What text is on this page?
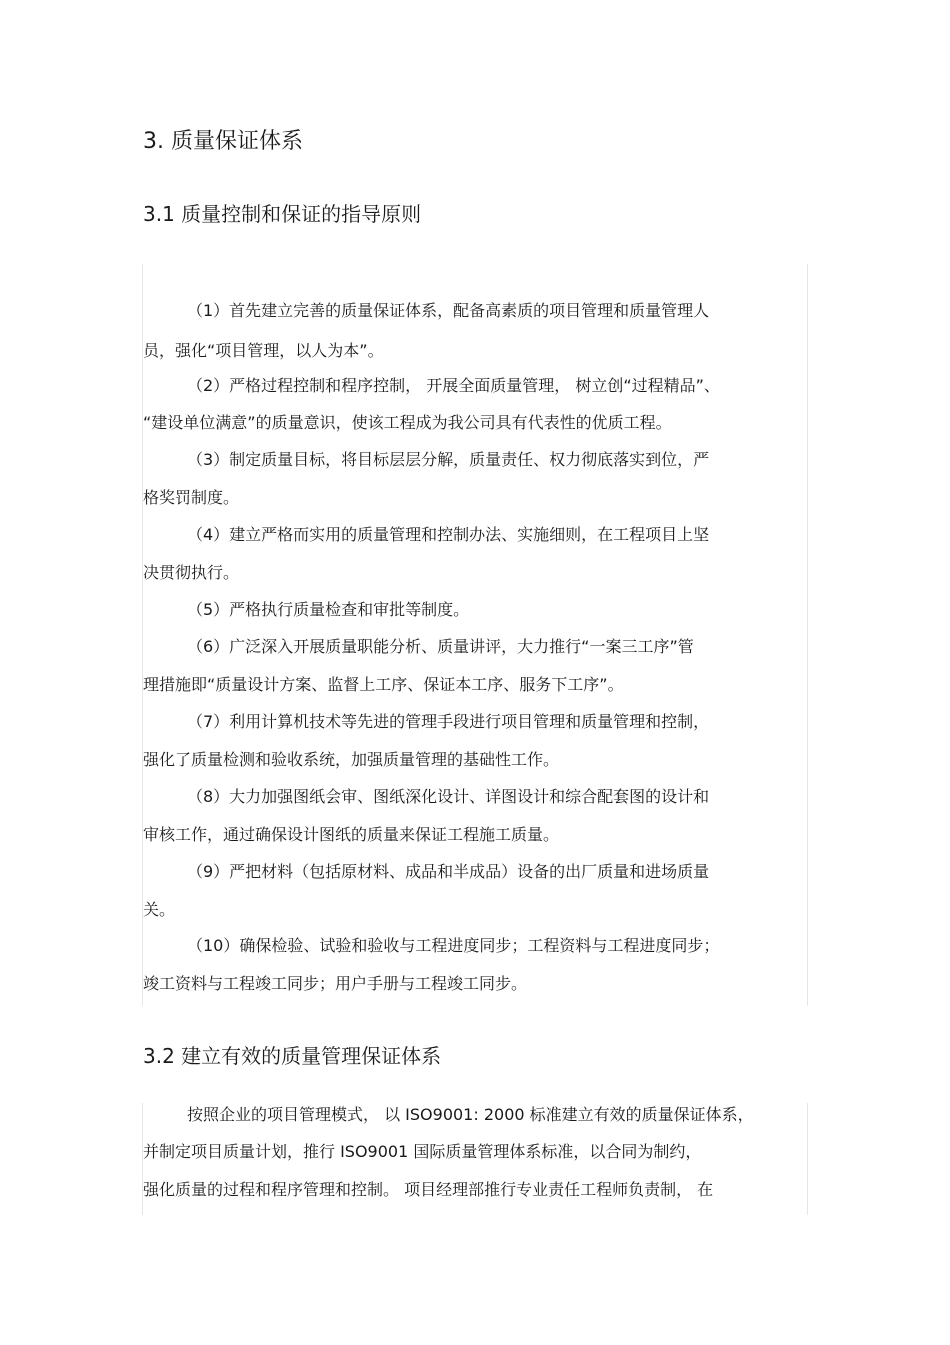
3. 质量保证体系
3.1 质量控制和保证的指导原则
（1）首先建立完善的质量保证体系，配备高素质的项目管理和质量管理人
员，强化“项目管理，以人为本”。
（2）严格过程控制和程序控制， 开展全面质量管理， 树立创“过程精品”、
“建设单位满意”的质量意识，使该工程成为我公司具有代表性的优质工程。
（3）制定质量目标，将目标层层分解，质量责任、权力彻底落实到位，严
格奖罚制度。
（4）建立严格而实用的质量管理和控制办法、实施细则，在工程项目上坚
决贯彻执行。
（5）严格执行质量检查和审批等制度。
（6）广泛深入开展质量职能分析、质量讲评，大力推行“一案三工序”管
理措施即“质量设计方案、监督上工序、保证本工序、服务下工序”。
（7）利用计算机技术等先进的管理手段进行项目管理和质量管理和控制，
强化了质量检测和验收系统，加强质量管理的基础性工作。
（8）大力加强图纸会审、图纸深化设计、详图设计和综合配套图的设计和
审核工作，通过确保设计图纸的质量来保证工程施工质量。
（9）严把材料（包括原材料、成品和半成品）设备的出厂质量和进场质量
关。
（10）确保检验、试验和验收与工程进度同步；工程资料与工程进度同步；
竣工资料与工程竣工同步；用户手册与工程竣工同步。
3.2 建立有效的质量管理保证体系
按照企业的项目管理模式， 以 ISO9001: 2000 标准建立有效的质量保证体系，
并制定项目质量计划，推行 ISO9001 国际质量管理体系标准，以合同为制约，
强化质量的过程和程序管理和控制。 项目经理部推行专业责任工程师负责制， 在
